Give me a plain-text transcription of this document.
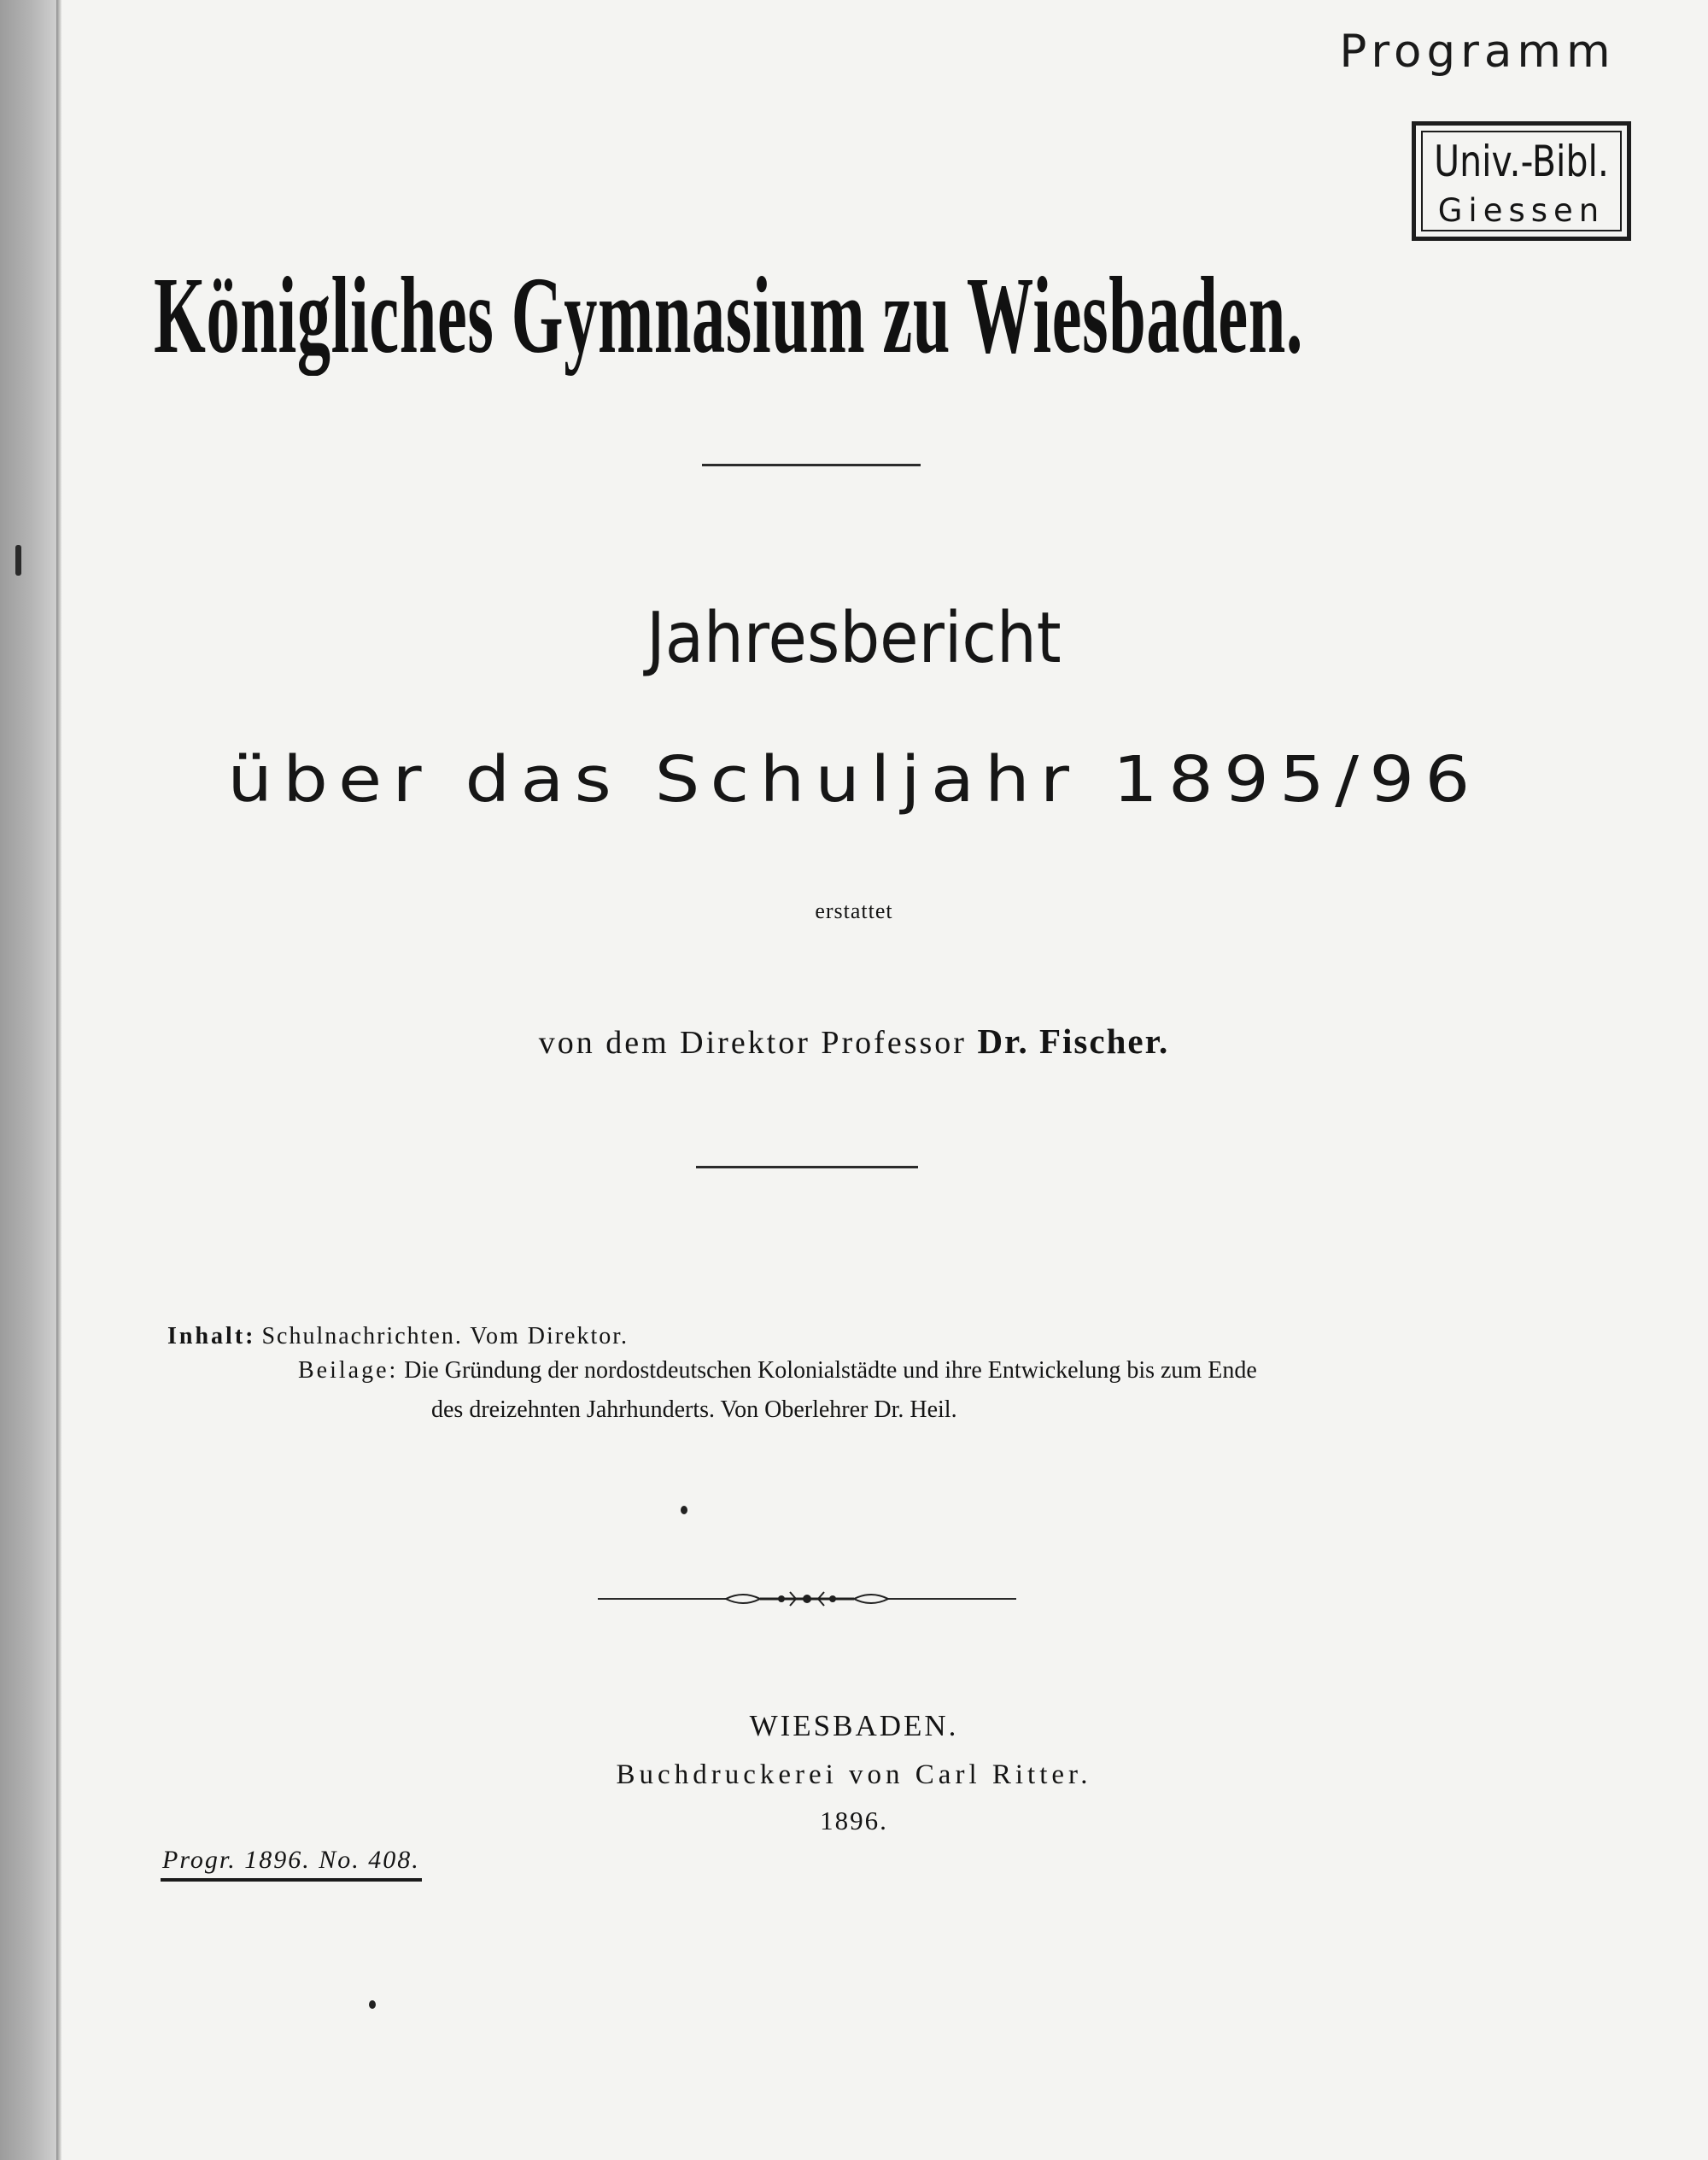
Programm
Univ.-Bibl.
Giessen
Königliches Gymnasium zu Wiesbaden.
Jahresbericht
über das Schuljahr 1895/96
erstattet
von dem Direktor Professor Dr. Fischer.
Inhalt: Schulnachrichten. Vom Direktor.
Beilage: Die Gründung der nordostdeutschen Kolonialstädte und ihre Entwickelung bis zum Ende
des dreizehnten Jahrhunderts. Von Oberlehrer Dr. Heil.
WIESBADEN.
Buchdruckerei von Carl Ritter.
1896.
Progr. 1896. No. 408.
